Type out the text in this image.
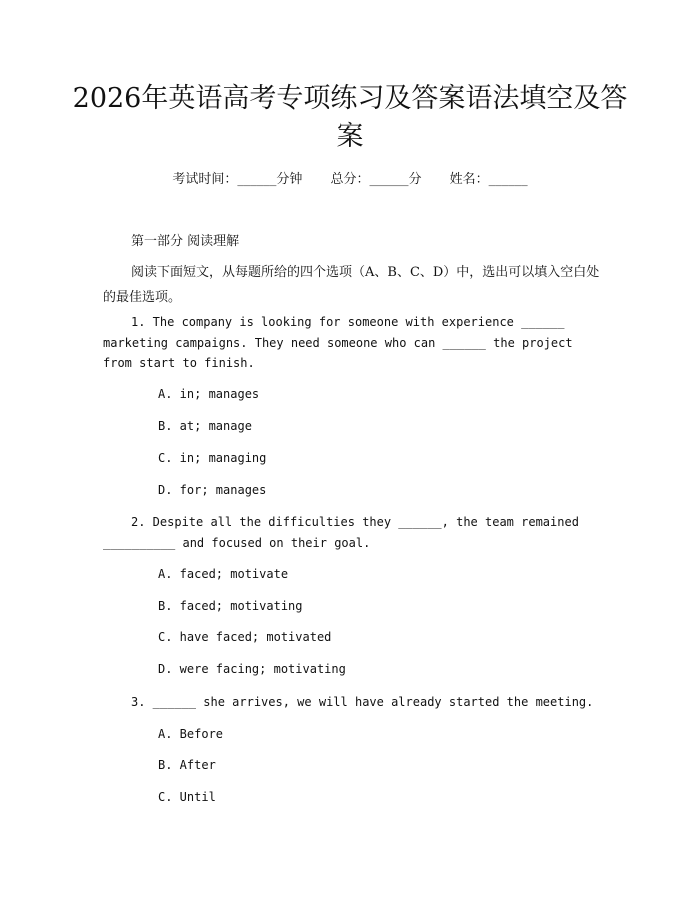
2026年英语高考专项练习及答案语法填空及答案
考试时间：______分钟 总分：______分 姓名：______
第一部分 阅读理解

阅读下面短文，从每题所给的四个选项（A、B、C、D）中，选出可以填入空白处的最佳选项。

1. The company is looking for someone with experience ______ marketing campaigns. They need someone who can ______ the project from start to finish.

A. in; manages
B. at; manage
C. in; managing
D. for; manages

2. Despite all the difficulties they ______, the team remained __________ and focused on their goal.

A. faced; motivate
B. faced; motivating
C. have faced; motivated
D. were facing; motivating

3. ______ she arrives, we will have already started the meeting.

A. Before
B. After
C. Until
